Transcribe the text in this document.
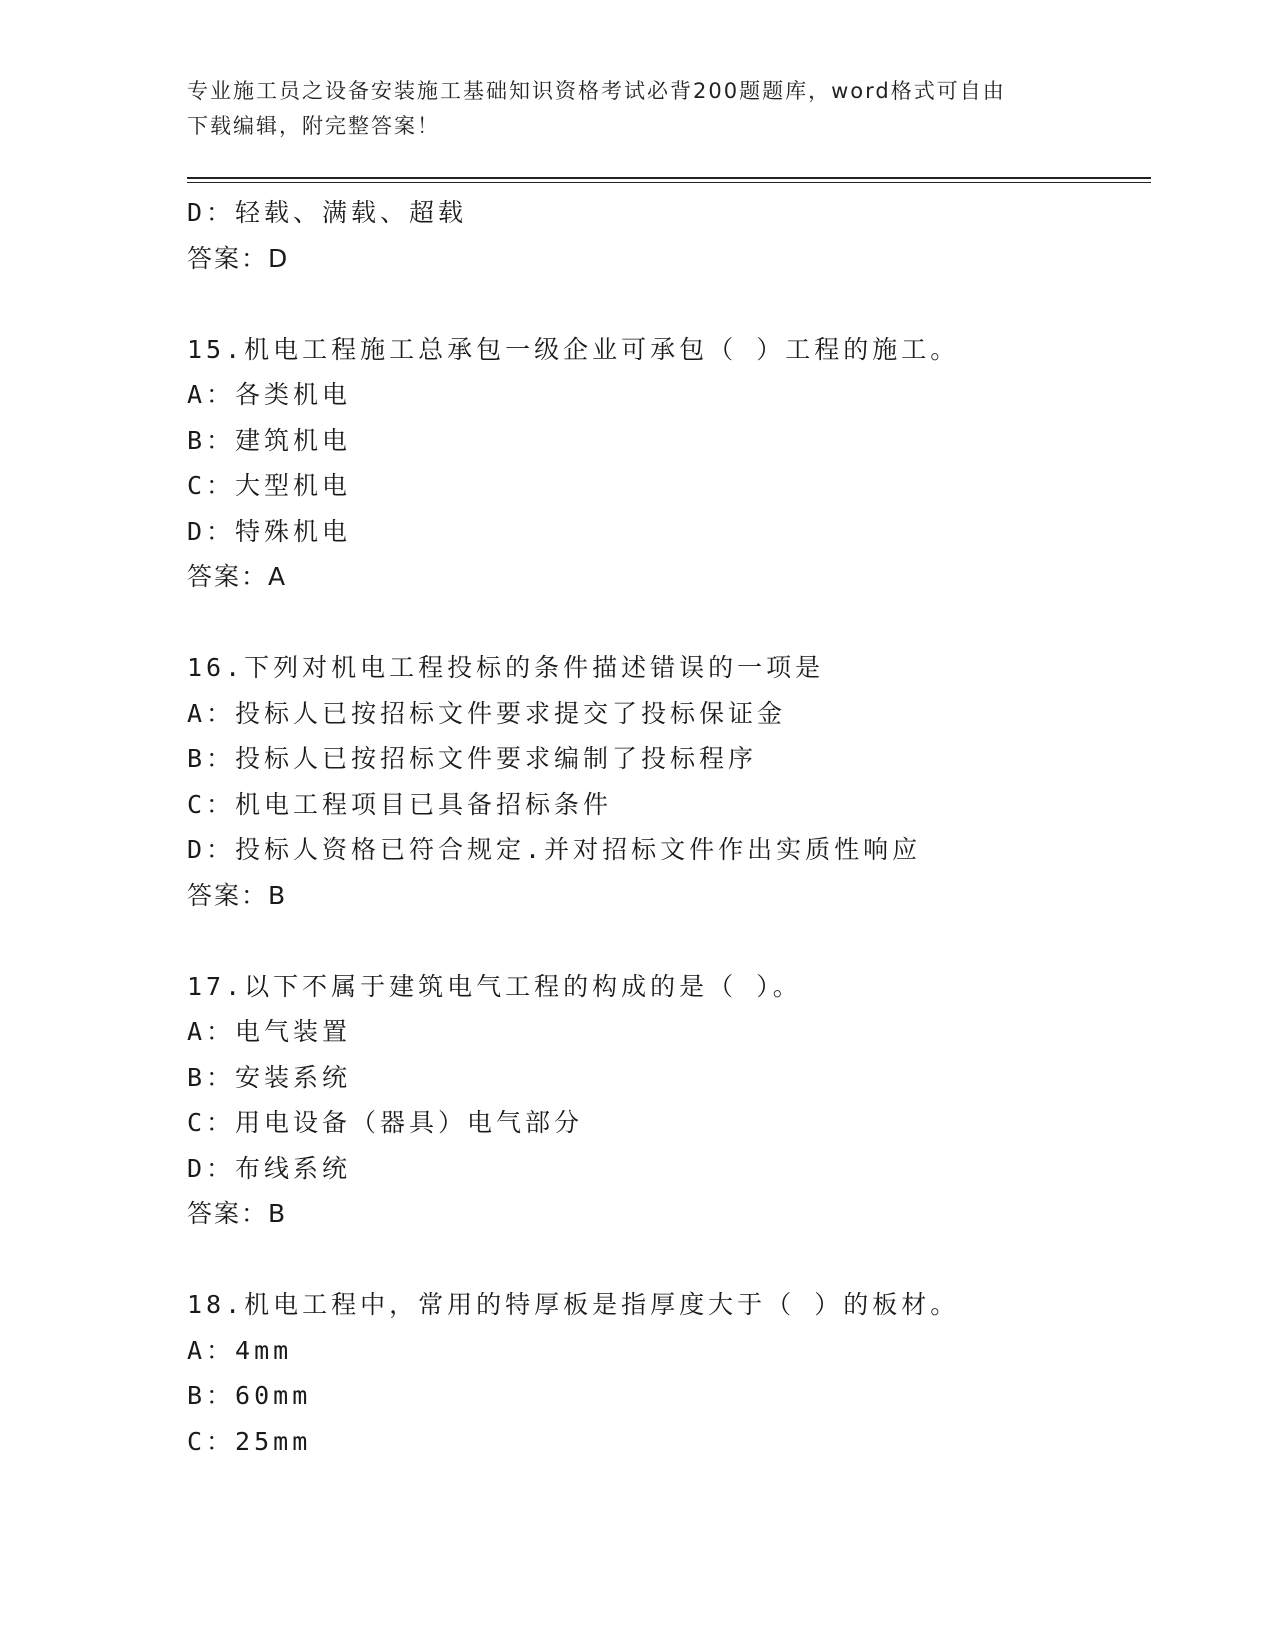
专业施工员之设备安装施工基础知识资格考试必背200题题库，word格式可自由
下载编辑，附完整答案！
D：轻载、满载、超载
答案：D
15.机电工程施工总承包一级企业可承包（ ）工程的施工。
A：各类机电
B：建筑机电
C：大型机电
D：特殊机电
答案：A
16.下列对机电工程投标的条件描述错误的一项是
A：投标人已按招标文件要求提交了投标保证金
B：投标人已按招标文件要求编制了投标程序
C：机电工程项目已具备招标条件
D：投标人资格已符合规定.并对招标文件作出实质性响应
答案：B
17.以下不属于建筑电气工程的构成的是（ ）。
A：电气装置
B：安装系统
C：用电设备（器具）电气部分
D：布线系统
答案：B
18.机电工程中，常用的特厚板是指厚度大于（ ）的板材。
A：4mm
B：60mm
C：25mm
